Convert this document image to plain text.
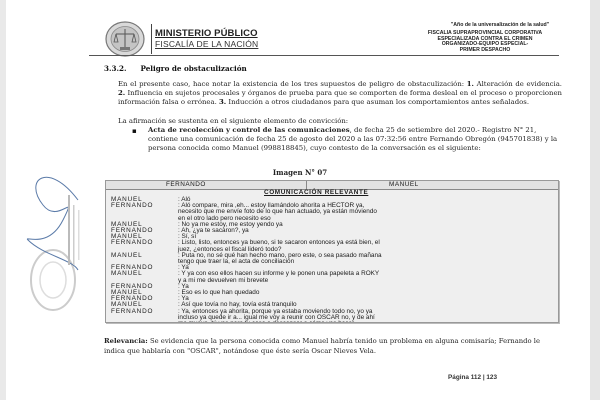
MINISTERIO PÚBLICO
FISCALÍA DE LA NACIÓN
"Año de la universalización de la salud"
FISCALIA SUPRAPROVINCIAL CORPORATIVA
ESPECIALIZADA CONTRA EL CRIMEN
ORGANIZADO-EQUIPO ESPECIAL-
PRIMER DESPACHO
3.3.2. Peligro de obstaculización
En el presente caso, hace notar la existencia de los tres supuestos de peligro de obstaculización: 1. Alteración de evidencia. 2. Influencia en sujetos procesales y órganos de prueba para que se comporten de forma desleal en el proceso o proporcionen información falsa o errónea. 3. Inducción a otros ciudadanos para que asuman los comportamientos antes señalados.
La afirmación se sustenta en el siguiente elemento de convicción:
▪ Acta de recolección y control de las comunicaciones, de fecha 25 de setiembre del 2020.- Registro N° 21, contiene una comunicación de fecha 25 de agosto del 2020 a las 07:32:56 entre Fernando Obregón (945701838) y la persona conocida como Manuel (998818845), cuyo contesto de la conversación es el siguiente:
Imagen N° 07
FERNANDO	MANUEL
COMUNICACIÓN RELEVANTE
MANUEL	: Aló
FERNANDO	: Aló compare, mira ,eh... estoy llamándolo ahorita a HECTOR ya,
necesito que me envíe foto de lo que han actuado, ya están moviendo
en el otro lado pero necesito eso
MANUEL	: No ya me estoy, me estoy yendo ya
FERNANDO	: Ah, ¿ya te sacaron?, ya
MANUEL	: Sí, sí
FERNANDO	: Listo, listo, entonces ya bueno, si te sacaron entonces ya está bien, el
juez, ¿entonces el fiscal lideró todo?
MANUEL	: Puta no, no sé qué han hecho mano, pero este, o sea pasado mañana
tengo que traer la, el acta de conciliación
FERNANDO	: Ya
MANUEL	: Y ya con eso ellos hacen su informe y le ponen una papeleta a ROKY
y a mi me devuelven mi brevete
FERNANDO	: Ya
MANUEL	: Eso es lo que han quedado
FERNANDO	: Ya
MANUEL	: Así que tovía no hay, tovía está tranquilo
FERNANDO	: Ya, entonces ya ahorita, porque ya estaba moviendo todo no, yo ya
incluso ya quede ir a... igual me voy a reunir con OSCAR no, y de ahí
Relevancia: Se evidencia que la persona conocida como Manuel habría tenido un problema en alguna comisaría; Fernando le indica que hablaría con "OSCAR", notándose que éste sería Oscar Nieves Vela.
Página 112 | 123
